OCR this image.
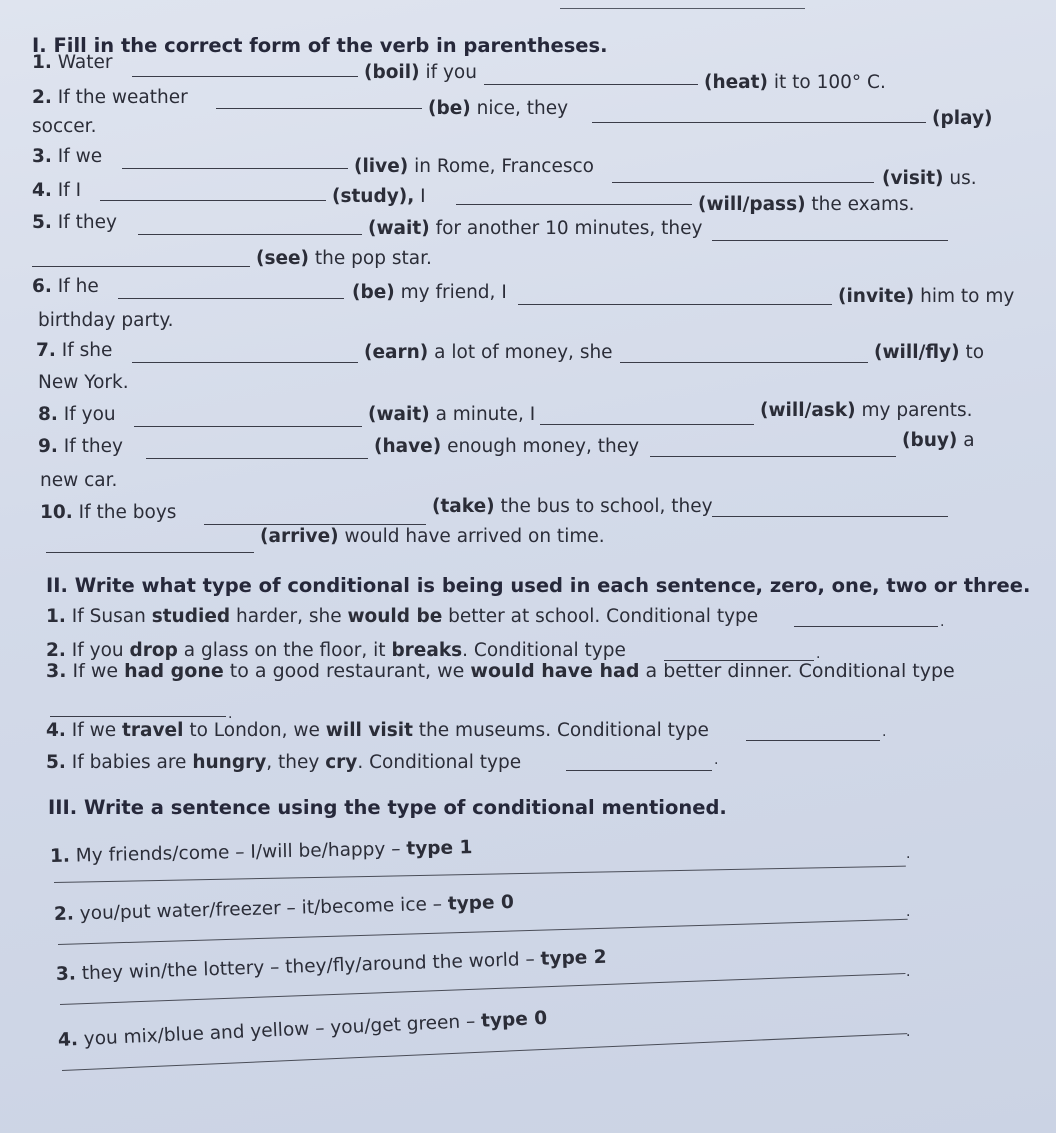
I. Fill in the correct form of the verb in parentheses.
1. Water	(boil) if you	(heat) it to 100° C.
2. If the weather
(be) nice, they	(play)
soccer.
3. If we	(live) in Rome, Francesco
(visit) us.
4. If I	(study), I	(will/pass) the exams.
5. If they	(wait) for another 10 minutes, they
(see) the pop star.
6. If he	(be) my friend, I	(invite) him to my
birthday party.
7. If she	(earn) a lot of money, she	(will/fly) to
New York.
8. If you	(wait) a minute, I	(will/ask) my parents.
9. If they	(have) enough money, they	(buy) a
new car.
10. If the boys	(take) the bus to school, they
(arrive) would have arrived on time.
II. Write what type of conditional is being used in each sentence, zero, one, two or three.
1. If Susan studied harder, she would be better at school. Conditional type	.
2. If you drop a glass on the floor, it breaks. Conditional type	.
3. If we had gone to a good restaurant, we would have had a better dinner. Conditional type
.
4. If we travel to London, we will visit the museums. Conditional type	.
5. If babies are hungry, they cry. Conditional type	.
III. Write a sentence using the type of conditional mentioned.
1. My friends/come – I/will be/happy – type 1	.
2. you/put water/freezer – it/become ice – type 0	.
3. they win/the lottery – they/fly/around the world – type 2
.
4. you mix/blue and yellow – you/get green – type 0
.
